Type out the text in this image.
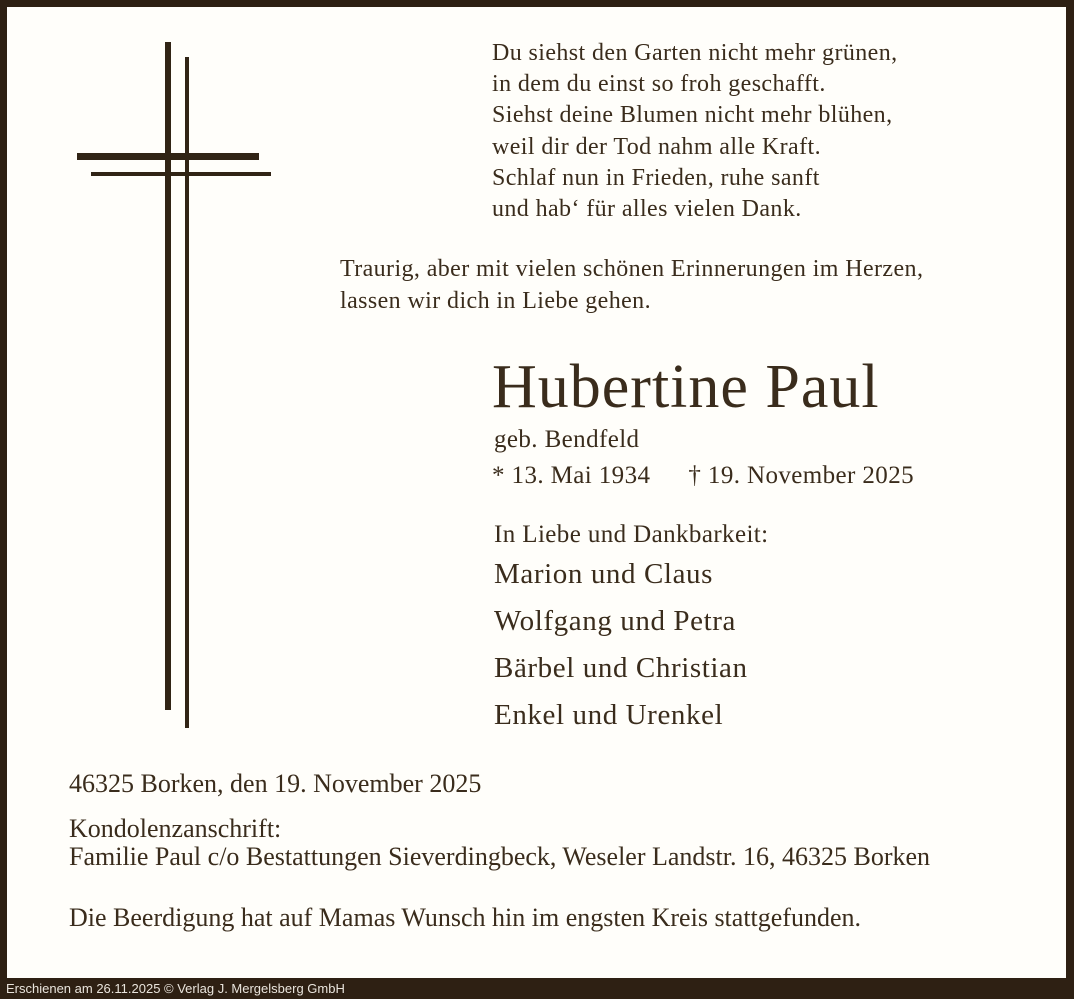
Du siehst den Garten nicht mehr grünen,
in dem du einst so froh geschafft.
Siehst deine Blumen nicht mehr blühen,
weil dir der Tod nahm alle Kraft.
Schlaf nun in Frieden, ruhe sanft
und hab‘ für alles vielen Dank.
Traurig, aber mit vielen schönen Erinnerungen im Herzen,
lassen wir dich in Liebe gehen.
Hubertine Paul
geb. Bendfeld
* 13. Mai 1934 † 19. November 2025
In Liebe und Dankbarkeit:
Marion und Claus
Wolfgang und Petra
Bärbel und Christian
Enkel und Urenkel
46325 Borken, den 19. November 2025
Kondolenzanschrift:
Familie Paul c/o Bestattungen Sieverdingbeck, Weseler Landstr. 16, 46325 Borken
Die Beerdigung hat auf Mamas Wunsch hin im engsten Kreis stattgefunden.
Erschienen am 26.11.2025 © Verlag J. Mergelsberg GmbH
